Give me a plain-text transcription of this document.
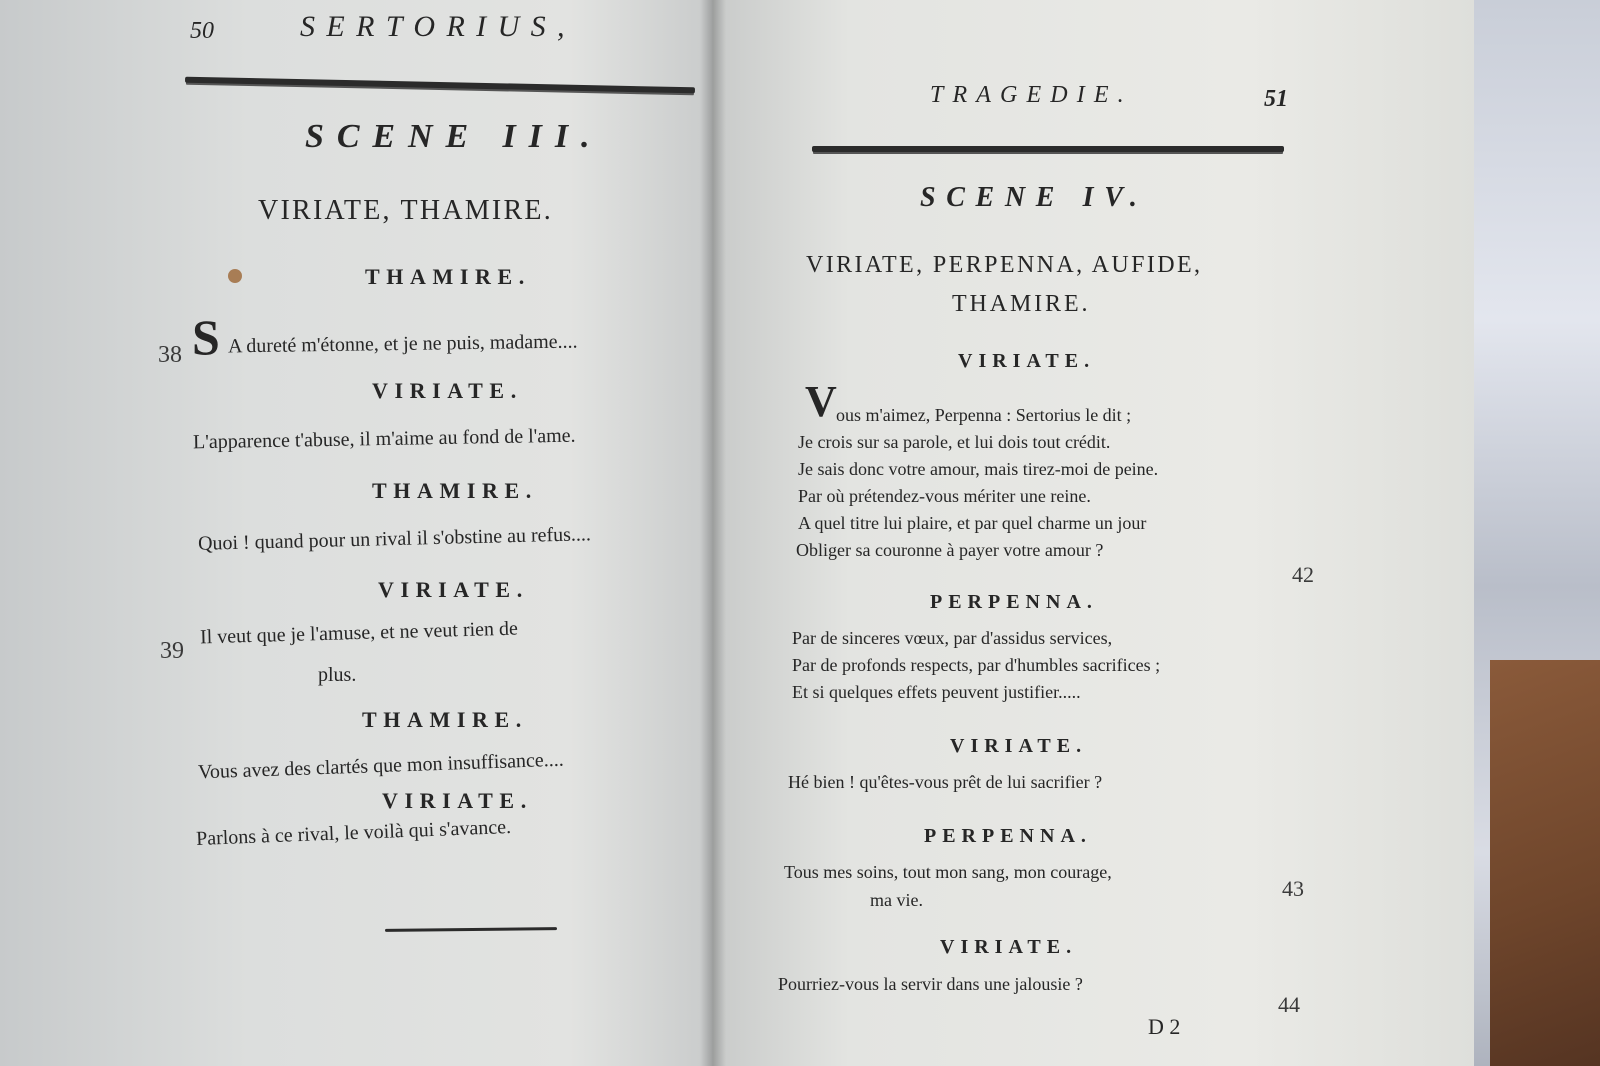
50	SERTORIUS,
SCENE III.
VIRIATE, THAMIRE.
THAMIRE.
38 S A dureté m'étonne, et je ne puis, madame....
VIRIATE.
L'apparence t'abuse, il m'aime au fond de l'ame.
THAMIRE.
Quoi ! quand pour un rival il s'obstine au refus....
VIRIATE.
39
Il veut que je l'amuse, et ne veut rien de
plus.
THAMIRE.
Vous avez des clartés que mon insuffisance....
VIRIATE.
Parlons à ce rival, le voilà qui s'avance.
TRAGEDIE.	51
SCENE IV.
VIRIATE, PERPENNA, AUFIDE,
THAMIRE.
VIRIATE.
V ous m'aimez, Perpenna : Sertorius le dit ;
Je crois sur sa parole, et lui dois tout crédit.
Je sais donc votre amour, mais tirez-moi de peine.
Par où prétendez-vous mériter une reine.
A quel titre lui plaire, et par quel charme un jour
Obliger sa couronne à payer votre amour ?
42
PERPENNA.
Par de sinceres vœux, par d'assidus services,
Par de profonds respects, par d'humbles sacrifices ;
Et si quelques effets peuvent justifier.....
VIRIATE.
Hé bien ! qu'êtes-vous prêt de lui sacrifier ?
PERPENNA.
Tous mes soins, tout mon sang, mon courage,
ma vie.	43
VIRIATE.
Pourriez-vous la servir dans une jalousie ?
44
D 2
